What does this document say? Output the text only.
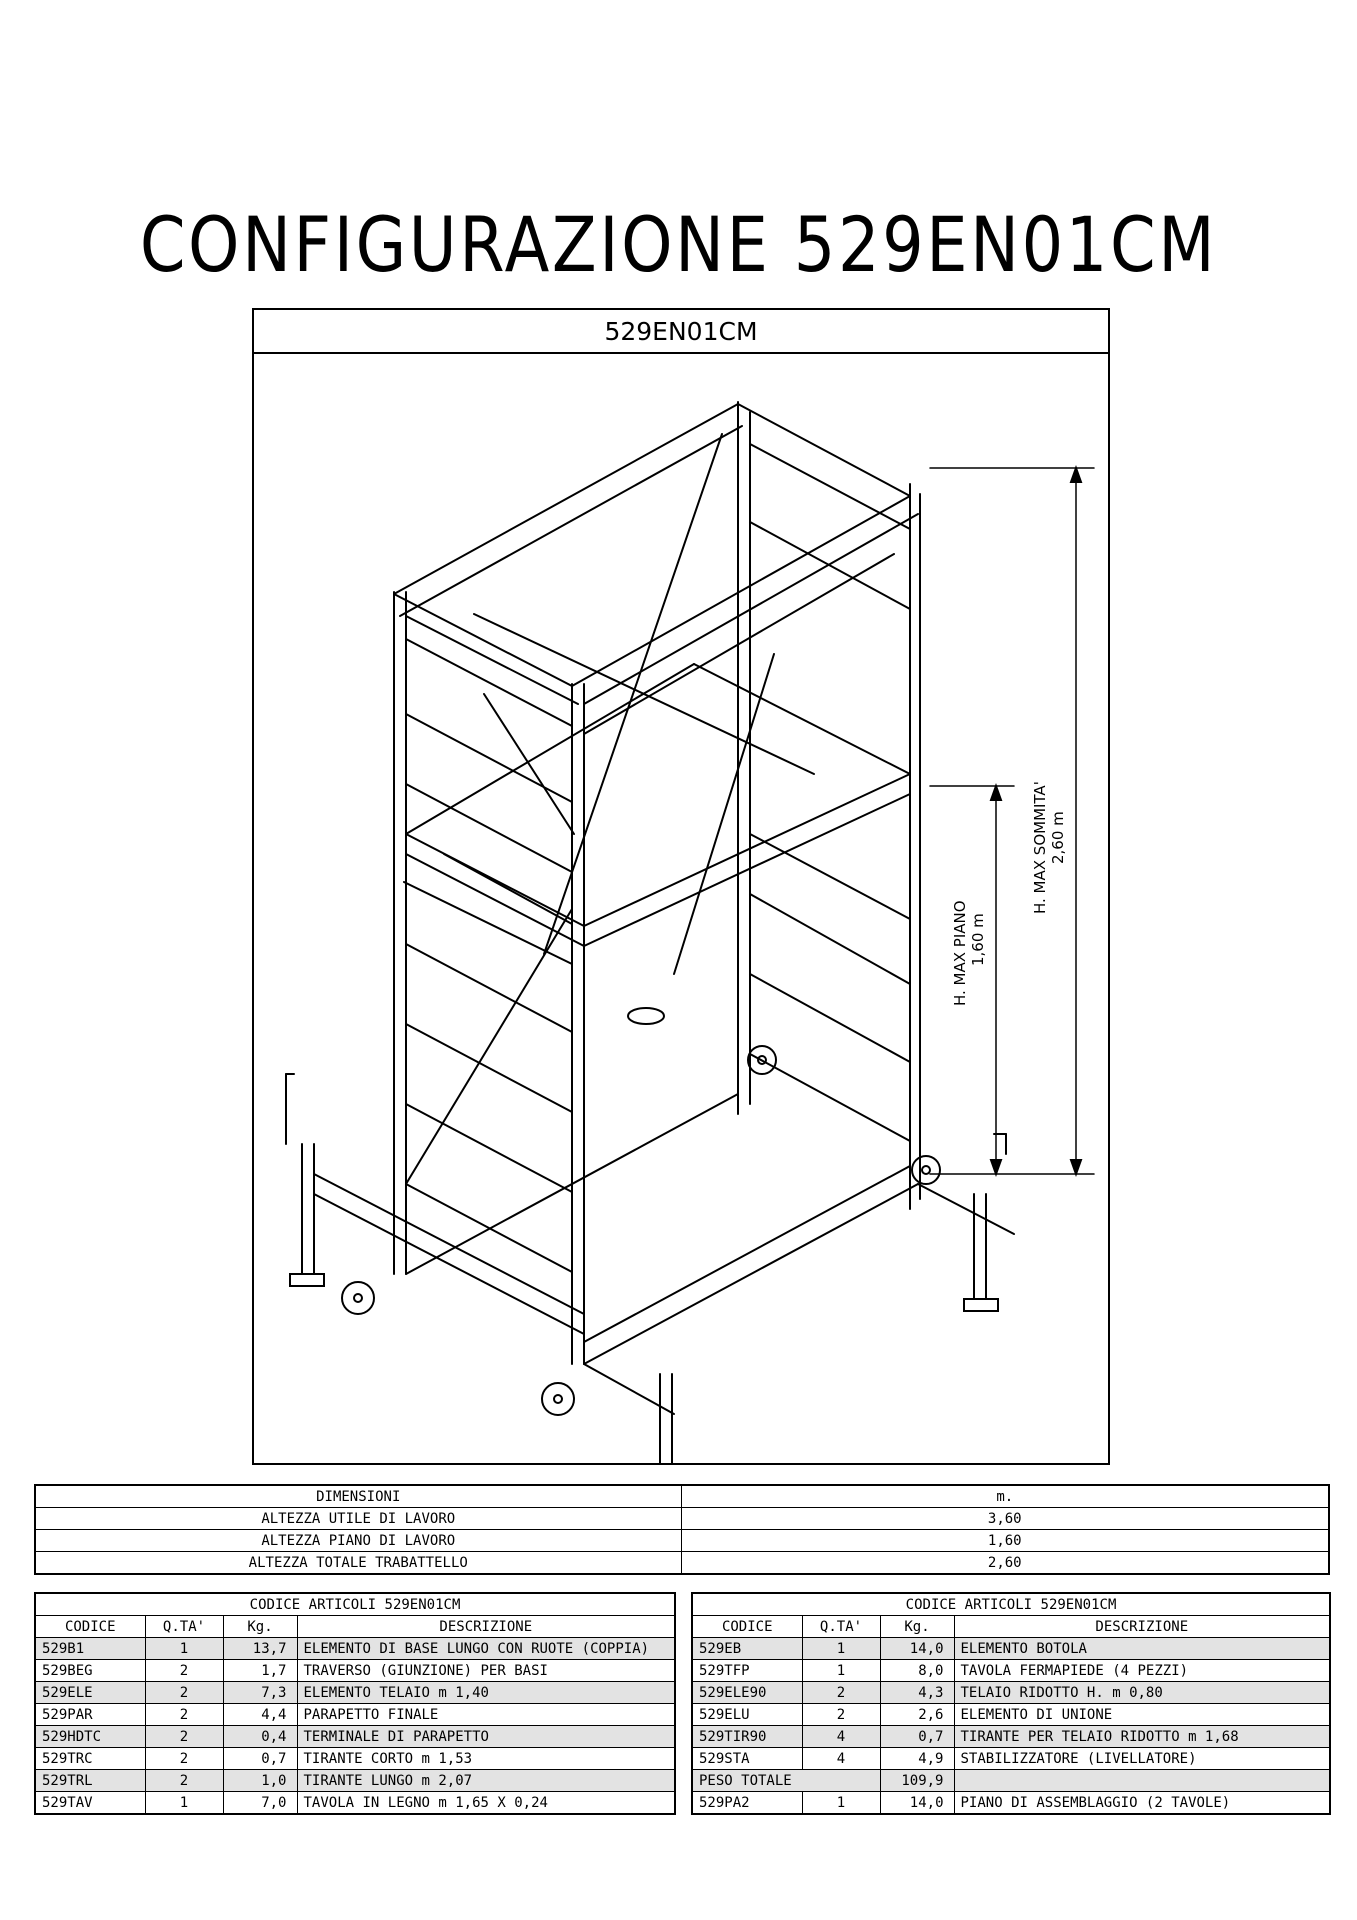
CONFIGURAZIONE 529EN01CM
529EN01CM
H. MAX PIANO 1,60 m
H. MAX SOMMITA' 2,60 m
DIMENSIONI	m.
ALTEZZA UTILE DI LAVORO	3,60
ALTEZZA PIANO DI LAVORO	1,60
ALTEZZA TOTALE TRABATTELLO	2,60
CODICE ARTICOLI 529EN01CM			
CODICE	Q.TA'	Kg.	DESCRIZIONE
529B1	1	13,7	ELEMENTO DI BASE LUNGO CON RUOTE (COPPIA)
529BEG	2	1,7	TRAVERSO (GIUNZIONE) PER BASI
529ELE	2	7,3	ELEMENTO TELAIO m 1,40
529PAR	2	4,4	PARAPETTO FINALE
529HDTC	2	0,4	TERMINALE DI PARAPETTO
529TRC	2	0,7	TIRANTE CORTO m 1,53
529TRL	2	1,0	TIRANTE LUNGO m 2,07
529TAV	1	7,0	TAVOLA IN LEGNO m 1,65 X 0,24
CODICE ARTICOLI 529EN01CM			
CODICE	Q.TA'	Kg.	DESCRIZIONE
529EB	1	14,0	ELEMENTO BOTOLA
529TFP	1	8,0	TAVOLA FERMAPIEDE (4 PEZZI)
529ELE90	2	4,3	TELAIO RIDOTTO H. m 0,80
529ELU	2	2,6	ELEMENTO DI UNIONE
529TIR90	4	0,7	TIRANTE PER TELAIO RIDOTTO m 1,68
529STA	4	4,9	STABILIZZATORE (LIVELLATORE)
PESO TOTALE		109,9	
529PA2	1	14,0	PIANO DI ASSEMBLAGGIO (2 TAVOLE)
